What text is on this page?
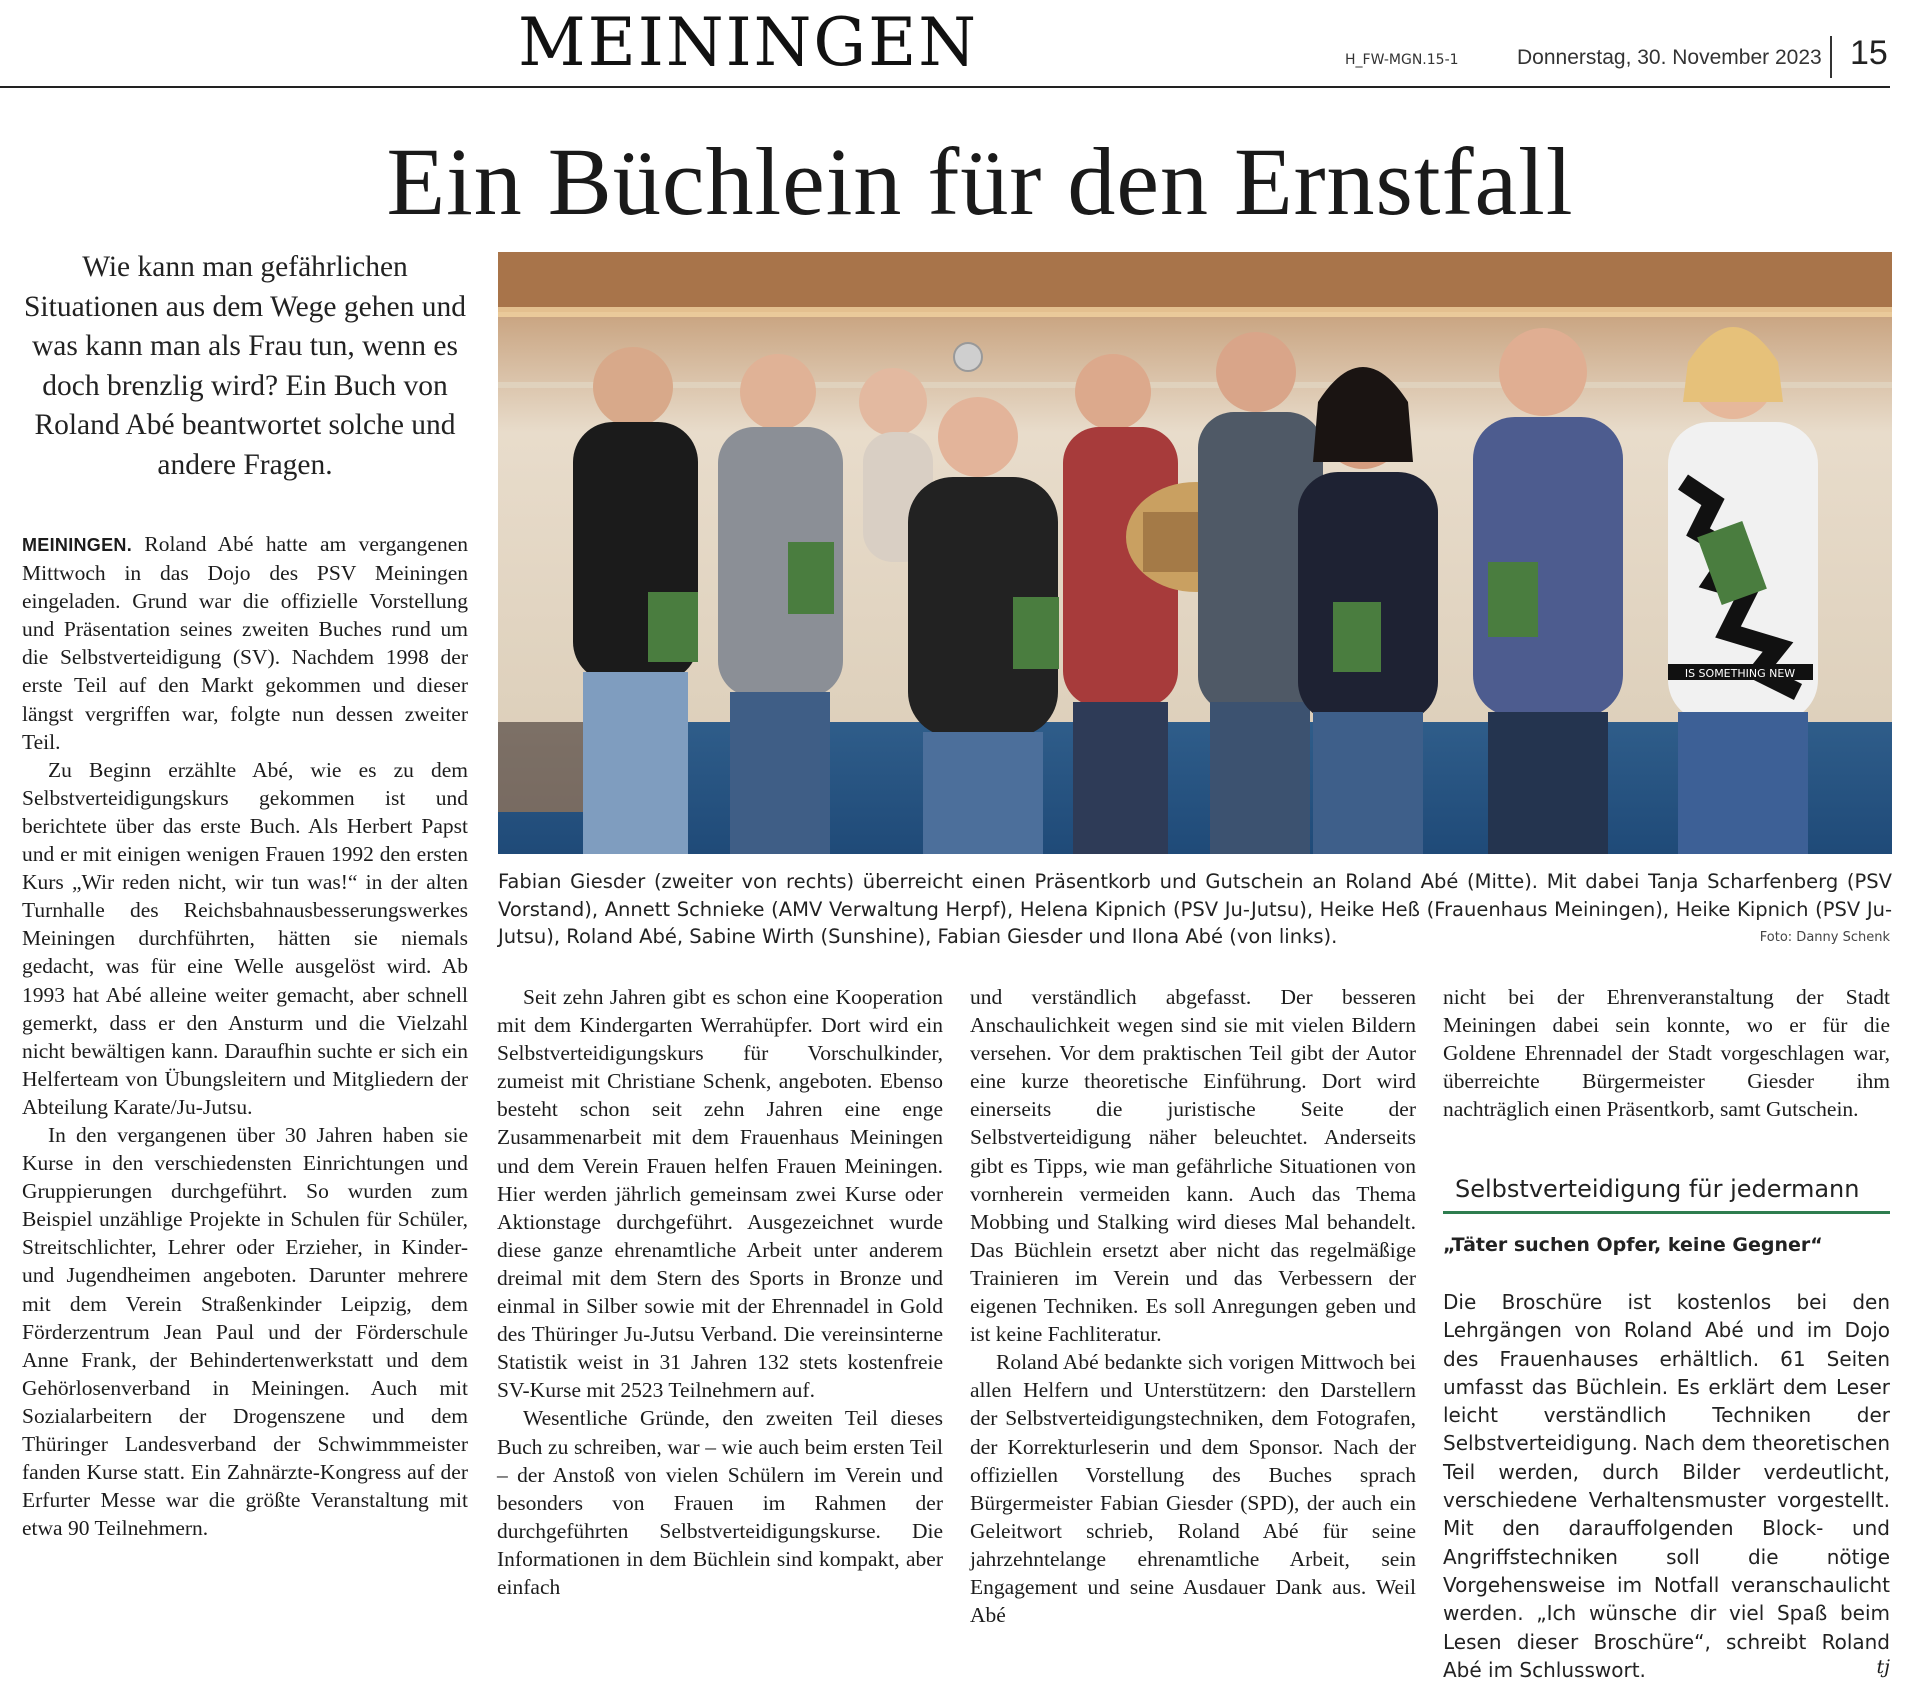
MEININGEN	H_FW-MGN.15-1	Donnerstag, 30. November 2023 15
Ein Büchlein für den Ernstfall
Wie kann man gefährlichen Situationen aus dem Wege gehen und was kann man als Frau tun, wenn es doch brenzlig wird? Ein Buch von Roland Abé beantwortet solche und andere Fragen.
IS SOMETHING NEW
Fabian Giesder (zweiter von rechts) überreicht einen Präsentkorb und Gutschein an Roland Abé (Mitte). Mit dabei Tanja Scharfenberg (PSV Vorstand), Annett Schnieke (AMV Verwaltung Herpf), Helena Kipnich (PSV Ju-Jutsu), Heike Heß (Frauenhaus Meiningen), Heike Kipnich (PSV Ju-Jutsu), Roland Abé, Sabine Wirth (Sunshine), Fabian Giesder und Ilona Abé (von links).	Foto: Danny Schenk

MEININGEN. Roland Abé hatte am vergangenen Mittwoch in das Dojo des PSV Meiningen eingeladen. Grund war die offizielle Vorstellung und Präsentation seines zweiten Buches rund um die Selbstverteidigung (SV). Nachdem 1998 der erste Teil auf den Markt gekommen und dieser längst vergriffen war, folgte nun dessen zweiter Teil.

Zu Beginn erzählte Abé, wie es zu dem Selbstverteidigungskurs gekommen ist und berichtete über das erste Buch. Als Herbert Papst und er mit einigen wenigen Frauen 1992 den ersten Kurs „Wir reden nicht, wir tun was!“ in der alten Turnhalle des Reichsbahnausbesserungswerkes Meiningen durchführten, hätten sie niemals gedacht, was für eine Welle ausgelöst wird. Ab 1993 hat Abé alleine weiter gemacht, aber schnell gemerkt, dass er den Ansturm und die Vielzahl nicht bewältigen kann. Daraufhin suchte er sich ein Helferteam von Übungsleitern und Mitgliedern der Abteilung Karate/Ju-Jutsu.

In den vergangenen über 30 Jahren haben sie Kurse in den verschiedensten Einrichtungen und Gruppierungen durchgeführt. So wurden zum Beispiel unzählige Projekte in Schulen für Schüler, Streitschlichter, Lehrer oder Erzieher, in Kinder- und Jugendheimen angeboten. Darunter mehrere mit dem Verein Straßenkinder Leipzig, dem Förderzentrum Jean Paul und der Förderschule Anne Frank, der Behindertenwerkstatt und dem Gehörlosenverband in Meiningen. Auch mit Sozialarbeitern der Drogenszene und dem Thüringer Landesverband der Schwimmmeister fanden Kurse statt. Ein Zahnärzte-Kongress auf der Erfurter Messe war die größte Veranstaltung mit etwa 90 Teilnehmern.

Seit zehn Jahren gibt es schon eine Kooperation mit dem Kindergarten Werrahüpfer. Dort wird ein Selbstverteidigungskurs für Vorschulkinder, zumeist mit Christiane Schenk, angeboten. Ebenso besteht schon seit zehn Jahren eine enge Zusammenarbeit mit dem Frauenhaus Meiningen und dem Verein Frauen helfen Frauen Meiningen. Hier werden jährlich gemeinsam zwei Kurse oder Aktionstage durchgeführt. Ausgezeichnet wurde diese ganze ehrenamtliche Arbeit unter anderem dreimal mit dem Stern des Sports in Bronze und einmal in Silber sowie mit der Ehrennadel in Gold des Thüringer Ju-Jutsu Verband. Die vereinsinterne Statistik weist in 31 Jahren 132 stets kostenfreie SV-Kurse mit 2523 Teilnehmern auf.

Wesentliche Gründe, den zweiten Teil dieses Buch zu schreiben, war – wie auch beim ersten Teil – der Anstoß von vielen Schülern im Verein und besonders von Frauen im Rahmen der durchgeführten Selbstverteidigungskurse. Die Informationen in dem Büchlein sind kompakt, aber einfach

und verständlich abgefasst. Der besseren Anschaulichkeit wegen sind sie mit vielen Bildern versehen. Vor dem praktischen Teil gibt der Autor eine kurze theoretische Einführung. Dort wird einerseits die juristische Seite der Selbstverteidigung näher beleuchtet. Anderseits gibt es Tipps, wie man gefährliche Situationen von vornherein vermeiden kann. Auch das Thema Mobbing und Stalking wird dieses Mal behandelt. Das Büchlein ersetzt aber nicht das regelmäßige Trainieren im Verein und das Verbessern der eigenen Techniken. Es soll Anregungen geben und ist keine Fachliteratur.

Roland Abé bedankte sich vorigen Mittwoch bei allen Helfern und Unterstützern: den Darstellern der Selbstverteidigungstechniken, dem Fotografen, der Korrekturleserin und dem Sponsor. Nach der offiziellen Vorstellung des Buches sprach Bürgermeister Fabian Giesder (SPD), der auch ein Geleitwort schrieb, Roland Abé für seine jahrzehntelange ehrenamtliche Arbeit, sein Engagement und seine Ausdauer Dank aus. Weil Abé

nicht bei der Ehrenveranstaltung der Stadt Meiningen dabei sein konnte, wo er für die Goldene Ehrennadel der Stadt vorgeschlagen war, überreichte Bürgermeister Giesder ihm nachträglich einen Präsentkorb, samt Gutschein.

Selbstverteidigung für jedermann
„Täter suchen Opfer, keine Gegner“
Die Broschüre ist kostenlos bei den Lehrgängen von Roland Abé und im Dojo des Frauenhauses erhältlich. 61 Seiten umfasst das Büchlein. Es erklärt dem Leser leicht verständlich Techniken der Selbstverteidigung. Nach dem theoretischen Teil werden, durch Bilder verdeutlicht, verschiedene Verhaltensmuster vorgestellt. Mit den darauffolgenden Block- und Angriffstechniken soll die nötige Vorgehensweise im Notfall veranschaulicht werden. „Ich wünsche dir viel Spaß beim Lesen dieser Broschüre“, schreibt Roland Abé im Schlusswort.	tj
